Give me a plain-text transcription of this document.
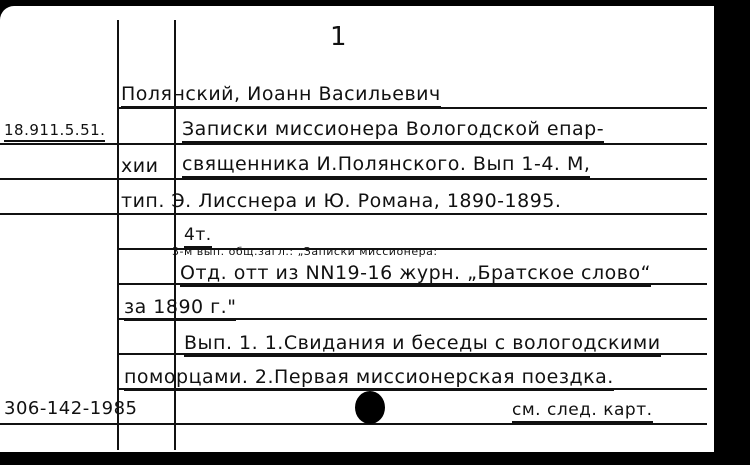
1
Полянский, Иоанн Васильевич
18.911.5.51.	Записки миссионера Вологодской епар-
хии священника И.Полянского. Вып 1-4. М,
тип. Э. Лисснера и Ю. Романа, 1890-1895.
4т.
3-м вып. общ.загл.: „Записки миссионера:
Отд. отт из NN19-16 журн. „Братское слово“
за 1890 г."
Вып. 1. 1.Свидания и беседы с вологодскими
поморцами. 2.Первая миссионерская поездка.
306-142-1985	см. след. карт.
